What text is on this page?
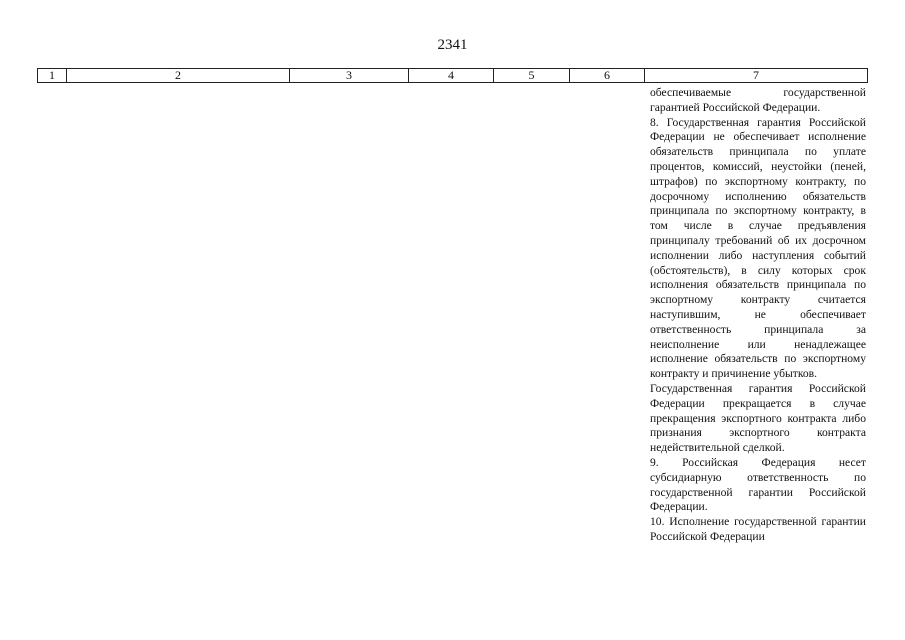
2341
1	2	3	4	5	6	7

обеспечиваемые государственной гарантией Российской Федерации.

8. Государственная гарантия Российской Федерации не обеспечивает исполнение обязательств принципала по уплате процентов, комиссий, неустойки (пеней, штрафов) по экспортному контракту, по досрочному исполнению обязательств принципала по экспортному контракту, в том числе в случае предъявления принципалу требований об их досрочном исполнении либо наступления событий (обстоятельств), в силу которых срок исполнения обязательств принципала по экспортному контракту считается наступившим, не обеспечивает ответственность принципала за неисполнение или ненадлежащее исполнение обязательств по экспортному контракту и причинение убытков.

Государственная гарантия Российской Федерации прекращается в случае прекращения экспортного контракта либо признания экспортного контракта недействительной сделкой.

9. Российская Федерация несет субсидиарную ответственность по государственной гарантии Российской Федерации.

10. Исполнение государственной гарантии Российской Федерации
